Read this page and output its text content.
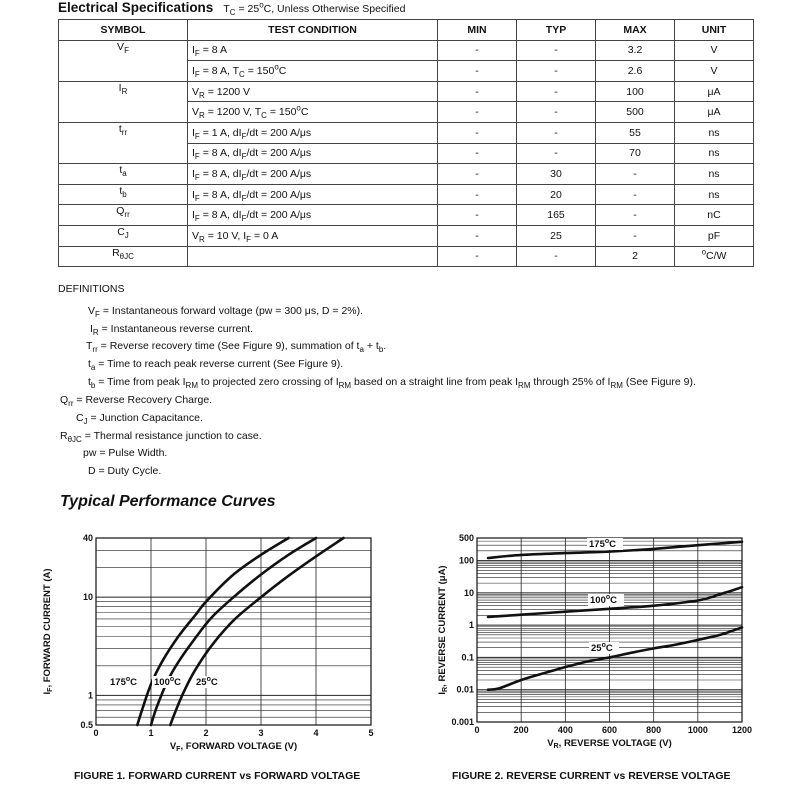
Electrical Specifications $T_C = 25^oC$, Unless Otherwise Specified
SYMBOL	TEST CONDITION	MIN	TYP	MAX	UNIT
$V_F$	$I_F = 8$ A	-	-	3.2	V
	$I_F = 8$ A, $T_C = 150^oC$	-	-	2.6	V
$I_R$	$V_R = 1200$ V	-	-	100	μA
	$V_R = 1200$ V, $T_C = 150^oC$	-	-	500	μA
$t_{rr}$	$I_F = 1$ A, $dI_F/dt = 200$ A/μs	-	-	55	ns
	$I_F = 8$ A, $dI_F/dt = 200$ A/μs	-	-	70	ns
$t_a$	$I_F = 8$ A, $dI_F/dt = 200$ A/μs	-	30	-	ns
$t_b$	$I_F = 8$ A, $dI_F/dt = 200$ A/μs	-	20	-	ns
$Q_{rr}$	$I_F = 8$ A, $dI_F/dt = 200$ A/μs	-	165	-	nC
$C_J$	$V_R = 10$ V, $I_F = 0$ A	-	25	-	pF
$R_{\theta JC}$		-	-	2	$^o$C/W
DEFINITIONS
$V_F$ = Instantaneous forward voltage (pw = 300 μs, D = 2%).
$I_R$ = Instantaneous reverse current.
$T_{rr}$ = Reverse recovery time (See Figure 9), summation of $t_a + t_b$.
$t_a$ = Time to reach peak reverse current (See Figure 9).
$t_b$ = Time from peak $I_{RM}$ to projected zero crossing of $I_{RM}$ based on a straight line from peak $I_{RM}$ through 25% of $I_{RM}$ (See Figure 9).
$Q_{rr}$ = Reverse Recovery Charge.
$C_J$ = Junction Capacitance.
$R_{\theta JC}$ = Thermal resistance junction to case.
pw = Pulse Width.
D = Duty Cycle.
Typical Performance Curves
0	1	2	3	4	5
0.5
1
10
40
175$^o$C 100$^o$C 25$^o$C
$V_F$, FORWARD VOLTAGE (V)
$I_F$, FORWARD CURRENT (A)
0	200	400	600	800	1000	1200
0.001
0.01
0.1
1
10
100
500
175$^o$C
100$^o$C
25$^o$C
$V_R$, REVERSE VOLTAGE (V)
$I_R$, REVERSE CURRENT (μA)
FIGURE 1. FORWARD CURRENT vs FORWARD VOLTAGE	FIGURE 2. REVERSE CURRENT vs REVERSE VOLTAGE
